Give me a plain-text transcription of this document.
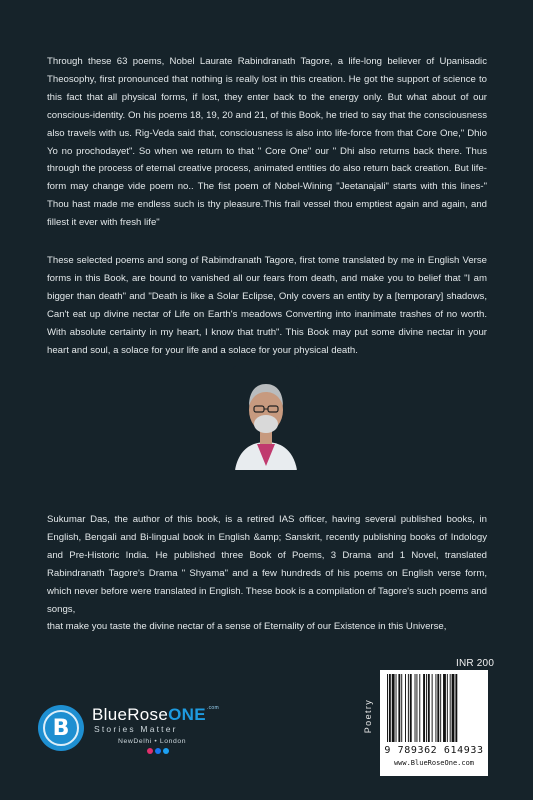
Through these 63 poems, Nobel Laurate Rabindranath Tagore, a life-long believer of Upanisadic Theosophy, first pronounced that nothing is really lost in this creation. He got the support of science to this fact that all physical forms, if lost, they enter back to the energy only. But what about of our conscious-identity. On his poems 18, 19, 20 and 21, of this Book, he tried to say that the consciousness also travels with us. Rig-Veda said that, consciousness is also into life-force from that Core One," Dhio Yo no prochodayet". So when we return to that " Core One" our " Dhi also returns back there. Thus through the process of eternal creative process, animated entities do also return back creation. But life-form may change vide poem no.. The fist poem of Nobel-Wining "Jeetanajali" starts with this lines-" Thou hast made me endless such is thy pleasure.This frail vessel thou emptiest again and again, and fillest it ever with fresh life"
These selected poems and song of Rabimdranath Tagore, first tome translated by me in English Verse forms in this Book, are bound to vanished all our fears from death, and make you to belief that "I am bigger than death" and "Death is like a Solar Eclipse, Only covers an entity by a [temporary] shadows, Can't eat up divine nectar of Life on Earth's meadows Converting into inanimate trashes of no worth. With absolute certainty in my heart, I know that truth". This Book may put some divine nectar in your heart and soul, a solace for your life and a solace for your physical death.
Sukumar Das, the author of this book, is a retired IAS officer, having several published books, in English, Bengali and Bi-lingual book in English &amp; Sanskrit, recently publishing books of Indology and Pre-Historic India. He published three Book of Poems, 3 Drama and 1 Novel, translated Rabindranath Tagore's Drama " Shyama" and a few hundreds of his poems on English verse form, which never before were translated in English. These book is a compilation of Tagore's such poems and songs,
that make you taste the divine nectar of a sense of Eternality of our Existence in this Universe,
INR 200
Poetry
9 789362 614933
www.BlueRoseOne.com
B
BlueRoseONE$^{.com}$
Stories Matter
NewDelhi • London
